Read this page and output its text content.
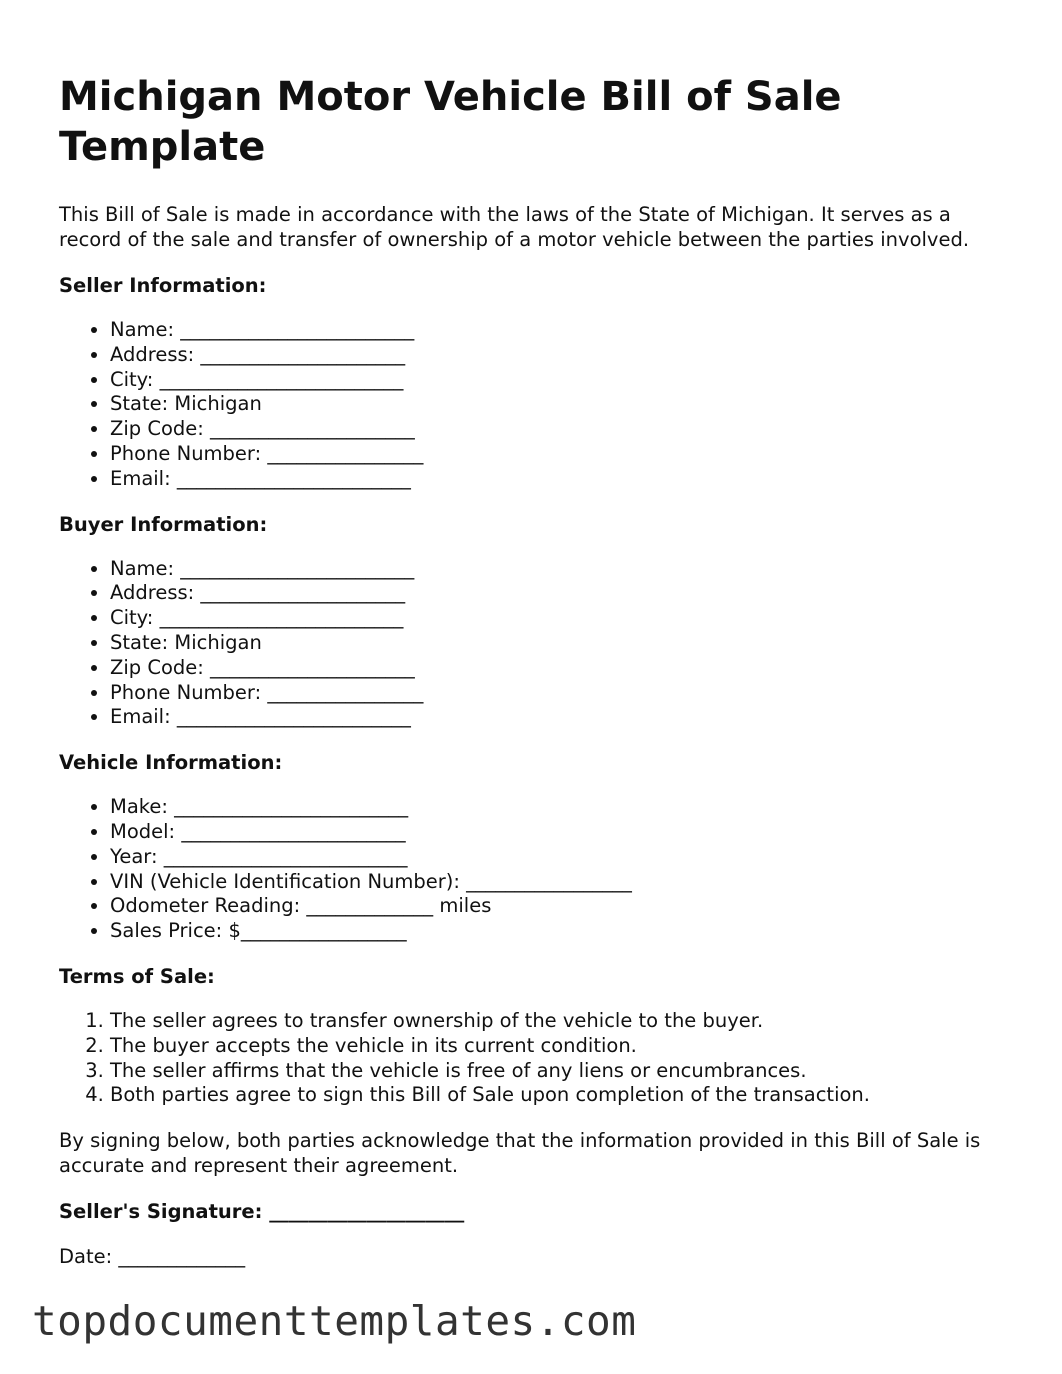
Michigan Motor Vehicle Bill of Sale Template

This Bill of Sale is made in accordance with the laws of the State of Michigan. It serves as a record of the sale and transfer of ownership of a motor vehicle between the parties involved.

Seller Information:
• Name: ________________________
• Address: _____________________
• City: _________________________
• State: Michigan
• Zip Code: _____________________
• Phone Number: ________________
• Email: ________________________
Buyer Information:
• Name: ________________________
• Address: _____________________
• City: _________________________
• State: Michigan
• Zip Code: _____________________
• Phone Number: ________________
• Email: ________________________
Vehicle Information:
• Make: ________________________
• Model: _______________________
• Year: _________________________
• VIN (Vehicle Identification Number): _________________
• Odometer Reading: _____________ miles
• Sales Price: $_________________
Terms of Sale:
1. The seller agrees to transfer ownership of the vehicle to the buyer.
2. The buyer accepts the vehicle in its current condition.
3. The seller affirms that the vehicle is free of any liens or encumbrances.
4. Both parties agree to sign this Bill of Sale upon completion of the transaction.

By signing below, both parties acknowledge that the information provided in this Bill of Sale is accurate and represent their agreement.

Seller's Signature: ____________________
Date: _____________
topdocumenttemplates.com
